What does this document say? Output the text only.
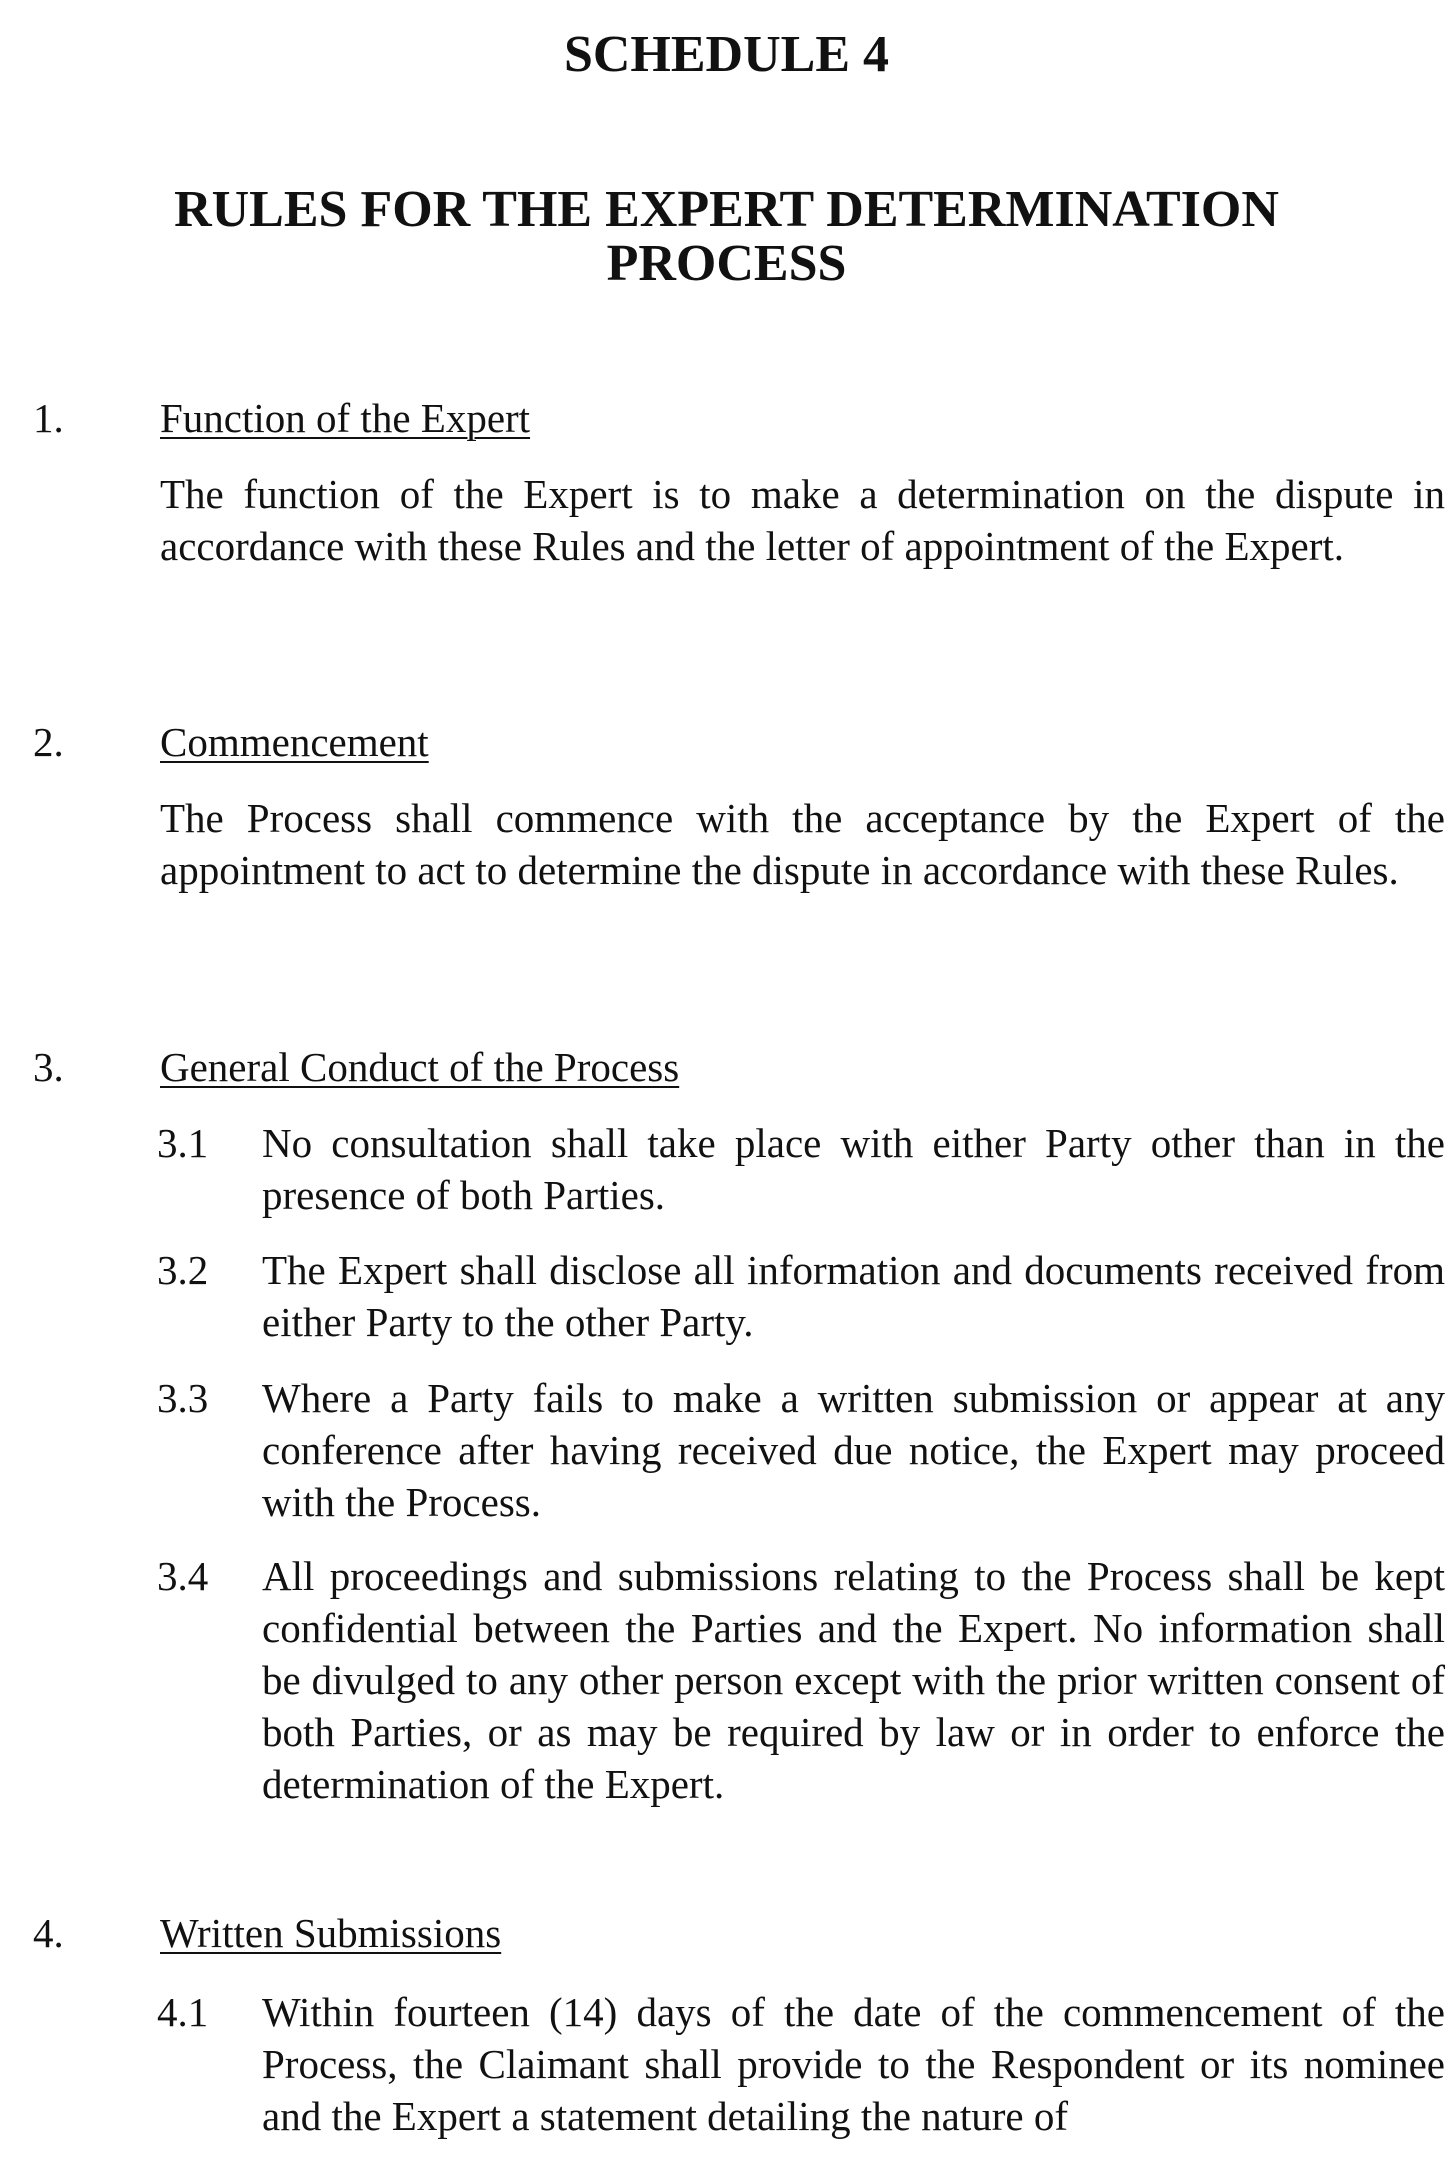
SCHEDULE 4
RULES FOR THE EXPERT DETERMINATION
PROCESS
1. Function of the Expert

The function of the Expert is to make a determination on the dispute in accordance with these Rules and the letter of appointment of the Expert.

2. Commencement

The Process shall commence with the acceptance by the Expert of the appointment to act to determine the dispute in accordance with these Rules.

3. General Conduct of the Process
3.1 No consultation shall take place with either Party other than in the presence of both Parties.

3.2 The Expert shall disclose all information and documents received from either Party to the other Party.

3.3 Where a Party fails to make a written submission or appear at any conference after having received due notice, the Expert may proceed with the Process.

3.4 All proceedings and submissions relating to the Process shall be kept confidential between the Parties and the Expert. No information shall be divulged to any other person except with the prior written consent of both Parties, or as may be required by law or in order to enforce the determination of the Expert.

4. Written Submissions
4.1 Within fourteen (14) days of the date of the commencement of the Process, the Claimant shall provide to the Respondent or its nominee and the Expert a statement detailing the nature of
